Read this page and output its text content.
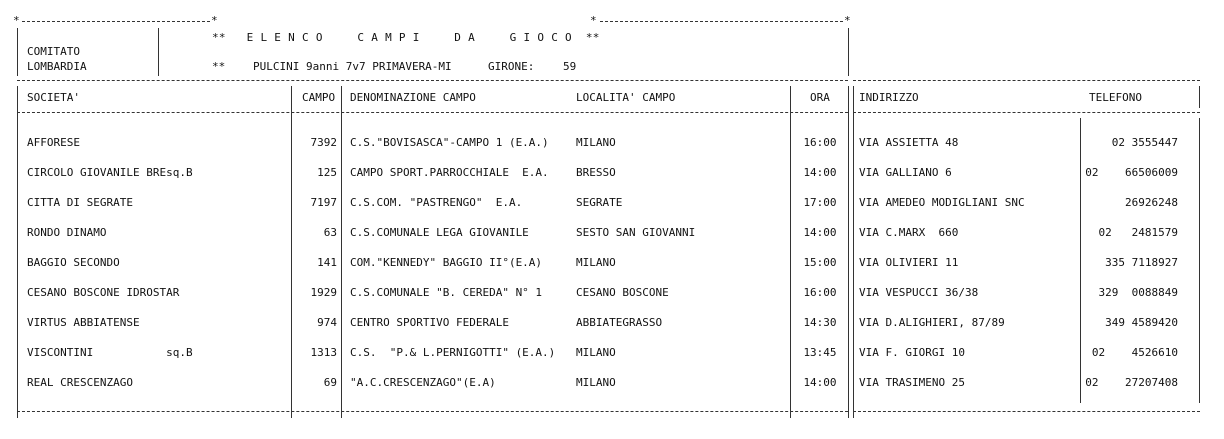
*	*	*	*
**   E L E N C O     C A M P I     D A     G I O C O  **
COMITATO
LOMBARDIA	**	PULCINI 9anni 7v7 PRIMAVERA-MI	GIRONE:	59
SOCIETA'	CAMPO DENOMINAZIONE CAMPO	LOCALITA' CAMPO	ORA	INDIRIZZO	TELEFONO
AFFORESE	7392 C.S."BOVISASCA"-CAMPO 1 (E.A.)	MILANO	16:00	VIA ASSIETTA 48	02 3555447
CIRCOLO GIOVANILE BREsq.B	125 CAMPO SPORT.PARROCCHIALE  E.A.	BRESSO	14:00	VIA GALLIANO 6	02    66506009
CITTA DI SEGRATE	7197 C.S.COM. "PASTRENGO"  E.A.	SEGRATE	17:00	VIA AMEDEO MODIGLIANI SNC	26926248
RONDO DINAMO	63 C.S.COMUNALE LEGA GIOVANILE	SESTO SAN GIOVANNI	14:00	VIA C.MARX  660	02   2481579
BAGGIO SECONDO	141 COM."KENNEDY" BAGGIO II°(E.A)	MILANO	15:00	VIA OLIVIERI 11	335 7118927
CESANO BOSCONE IDROSTAR	1929 C.S.COMUNALE "B. CEREDA" N° 1	CESANO BOSCONE	16:00	VIA VESPUCCI 36/38	329  0088849
VIRTUS ABBIATENSE	974 CENTRO SPORTIVO FEDERALE	ABBIATEGRASSO	14:30	VIA D.ALIGHIERI, 87/89	349 4589420
VISCONTINI           sq.B	1313 C.S.  "P.& L.PERNIGOTTI" (E.A.)	MILANO	13:45	VIA F. GIORGI 10	02    4526610
REAL CRESCENZAGO	69 "A.C.CRESCENZAGO"(E.A)	MILANO	14:00	VIA TRASIMENO 25	02    27207408
